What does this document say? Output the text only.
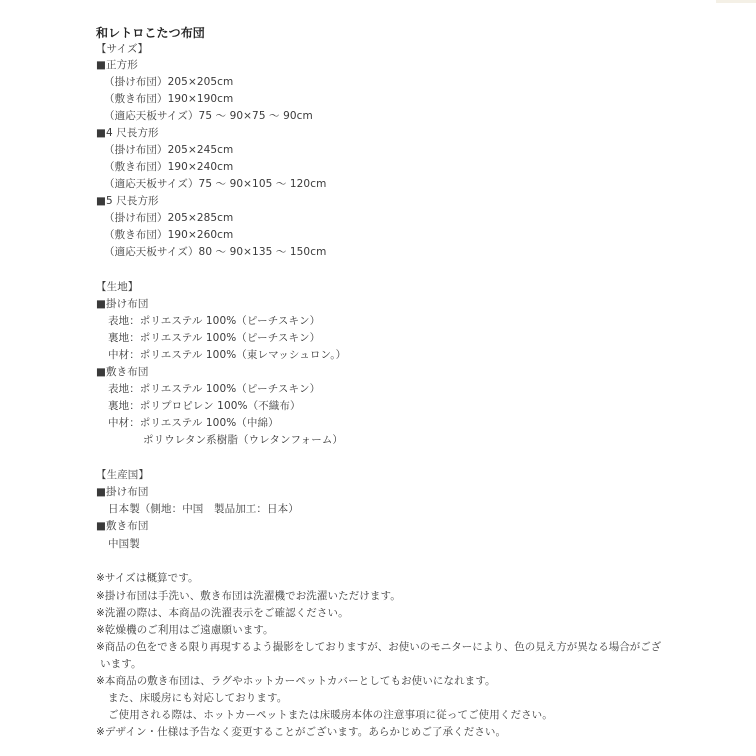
和レトロこたつ布団
【サイズ】
■正方形
（掛け布団）205×205cm
（敷き布団）190×190cm
（適応天板サイズ）75 ～ 90×75 ～ 90cm
■4 尺長方形
（掛け布団）205×245cm
（敷き布団）190×240cm
（適応天板サイズ）75 ～ 90×105 ～ 120cm
■5 尺長方形
（掛け布団）205×285cm
（敷き布団）190×260cm
（適応天板サイズ）80 ～ 90×135 ～ 150cm
【生地】
■掛け布団
表地：ポリエステル 100%（ピーチスキン）
裏地：ポリエステル 100%（ピーチスキン）
中材：ポリエステル 100%（東レマッシュロン。）
■敷き布団
表地：ポリエステル 100%（ピーチスキン）
裏地：ポリプロピレン 100%（不織布）
中材：ポリエステル 100%（中綿）
ポリウレタン系樹脂（ウレタンフォーム）
【生産国】
■掛け布団
日本製（側地：中国　製品加工：日本）
■敷き布団
中国製
※サイズは概算です。
※掛け布団は手洗い、敷き布団は洗濯機でお洗濯いただけます。
※洗濯の際は、本商品の洗濯表示をご確認ください。
※乾燥機のご利用はご遠慮願います。
※商品の色をできる限り再現するよう撮影をしておりますが、お使いのモニターにより、色の見え方が異なる場合がござ
います。
※本商品の敷き布団は、ラグやホットカーペットカバーとしてもお使いになれます。
また、床暖房にも対応しております。
ご使用される際は、ホットカーペットまたは床暖房本体の注意事項に従ってご使用ください。
※デザイン・仕様は予告なく変更することがございます。あらかじめご了承ください。
